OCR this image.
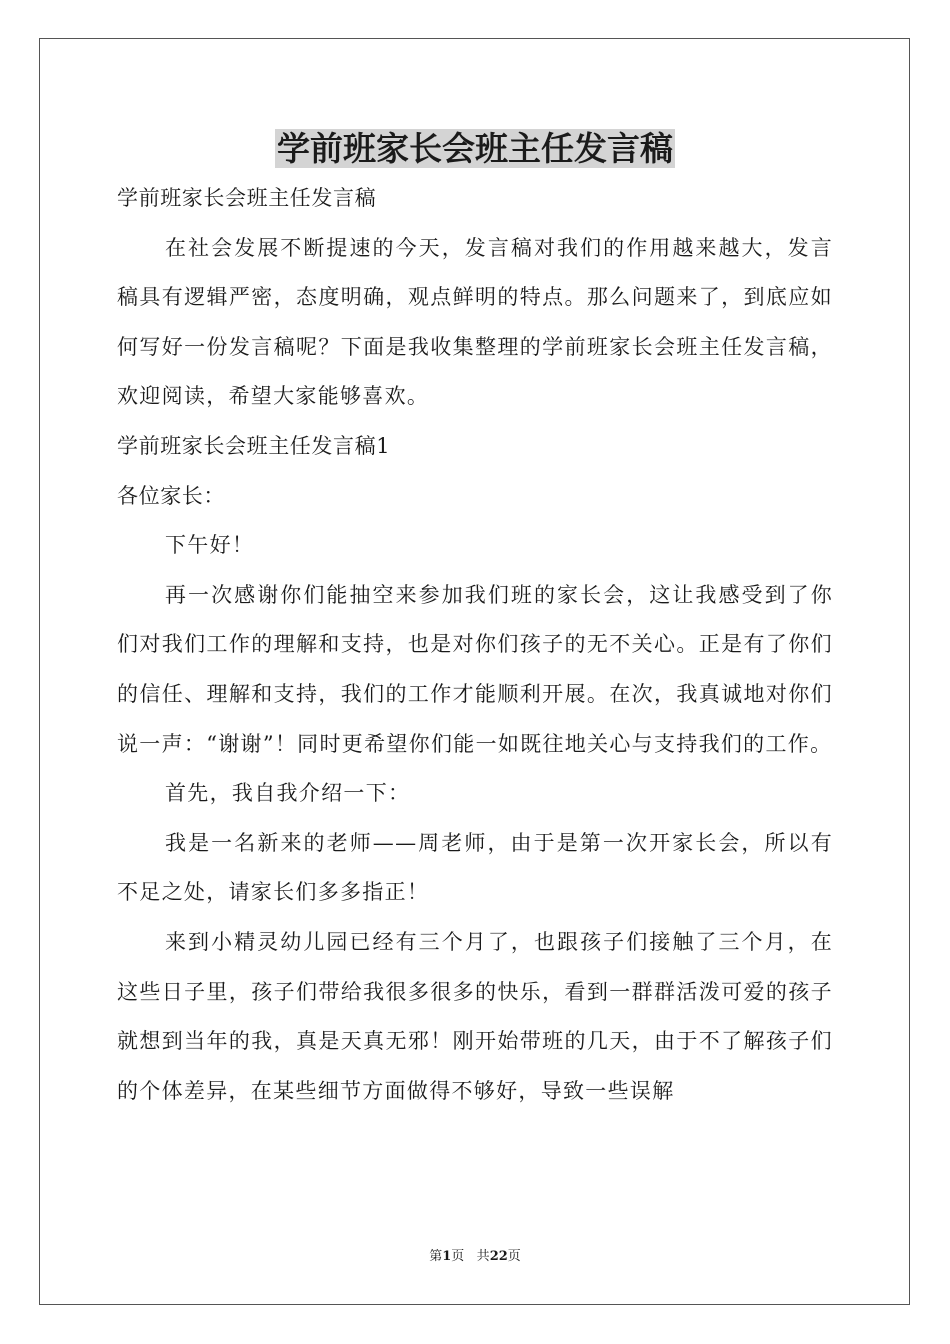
学前班家长会班主任发言稿

学前班家长会班主任发言稿

在社会发展不断提速的今天，发言稿对我们的作用越来越大，发言稿具有逻辑严密，态度明确，观点鲜明的特点。那么问题来了，到底应如何写好一份发言稿呢？下面是我收集整理的学前班家长会班主任发言稿，欢迎阅读，希望大家能够喜欢。

学前班家长会班主任发言稿1

各位家长：

下午好！

再一次感谢你们能抽空来参加我们班的家长会，这让我感受到了你们对我们工作的理解和支持，也是对你们孩子的无不关心。正是有了你们的信任、理解和支持，我们的工作才能顺利开展。在次，我真诚地对你们说一声：“谢谢”！同时更希望你们能一如既往地关心与支持我们的工作。

首先，我自我介绍一下：

我是一名新来的老师——周老师，由于是第一次开家长会，所以有不足之处，请家长们多多指正！

来到小精灵幼儿园已经有三个月了，也跟孩子们接触了三个月，在这些日子里，孩子们带给我很多很多的快乐，看到一群群活泼可爱的孩子就想到当年的我，真是天真无邪！刚开始带班的几天，由于不了解孩子们的个体差异，在某些细节方面做得不够好，导致一些误解

第1页 共22页
